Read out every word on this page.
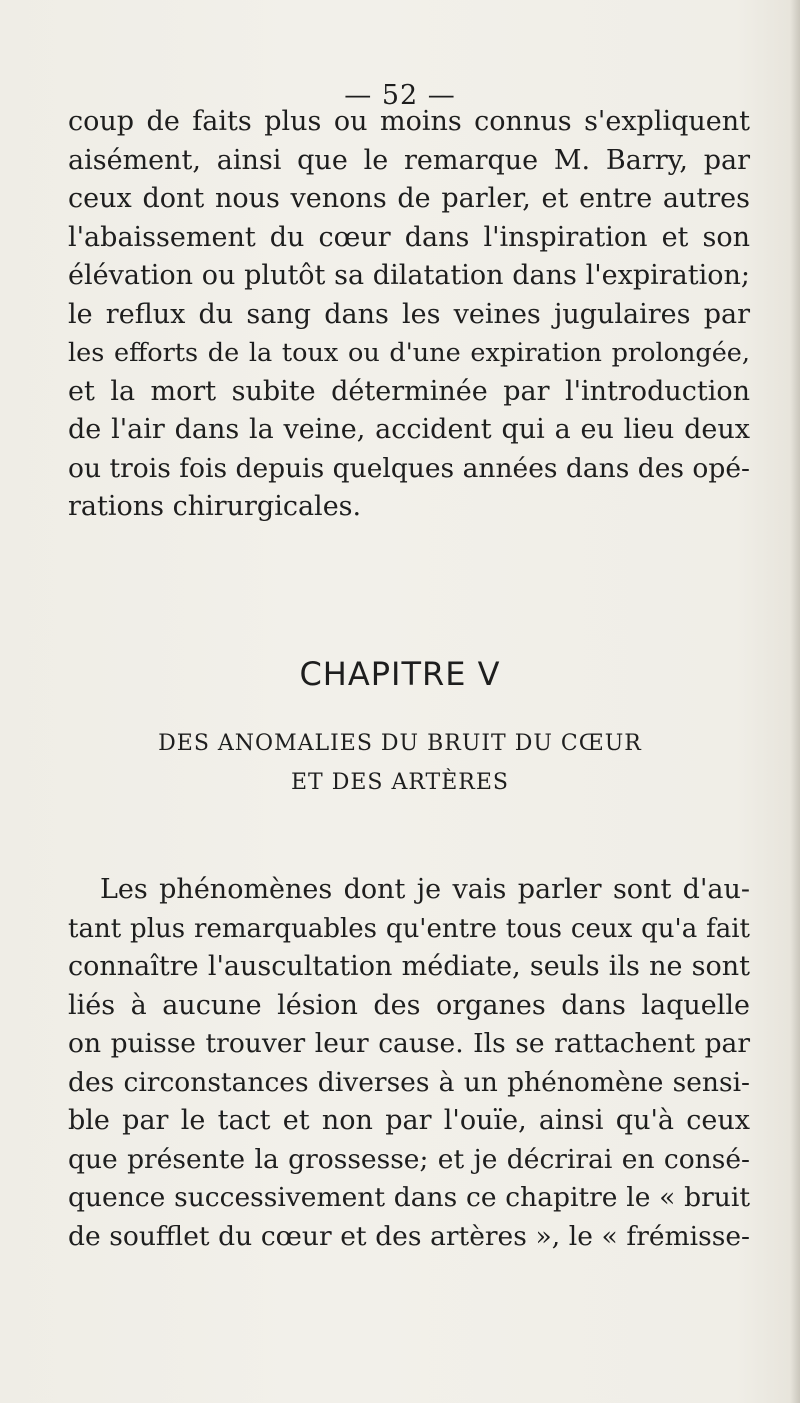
— 52 —
coup de faits plus ou moins connus s'expliquent
aisément, ainsi que le remarque M. Barry, par
ceux dont nous venons de parler, et entre autres
l'abaissement du cœur dans l'inspiration et son
élévation ou plutôt sa dilatation dans l'expiration;
le reflux du sang dans les veines jugulaires par
les efforts de la toux ou d'une expiration prolongée,
et la mort subite déterminée par l'introduction
de l'air dans la veine, accident qui a eu lieu deux
ou trois fois depuis quelques années dans des opé-
rations chirurgicales.
CHAPITRE V
DES ANOMALIES DU BRUIT DU CŒUR
ET DES ARTÈRES
Les phénomènes dont je vais parler sont d'au-
tant plus remarquables qu'entre tous ceux qu'a fait
connaître l'auscultation médiate, seuls ils ne sont
liés à aucune lésion des organes dans laquelle
on puisse trouver leur cause. Ils se rattachent par
des circonstances diverses à un phénomène sensi-
ble par le tact et non par l'ouïe, ainsi qu'à ceux
que présente la grossesse; et je décrirai en consé-
quence successivement dans ce chapitre le « bruit
de soufflet du cœur et des artères », le « frémisse-
